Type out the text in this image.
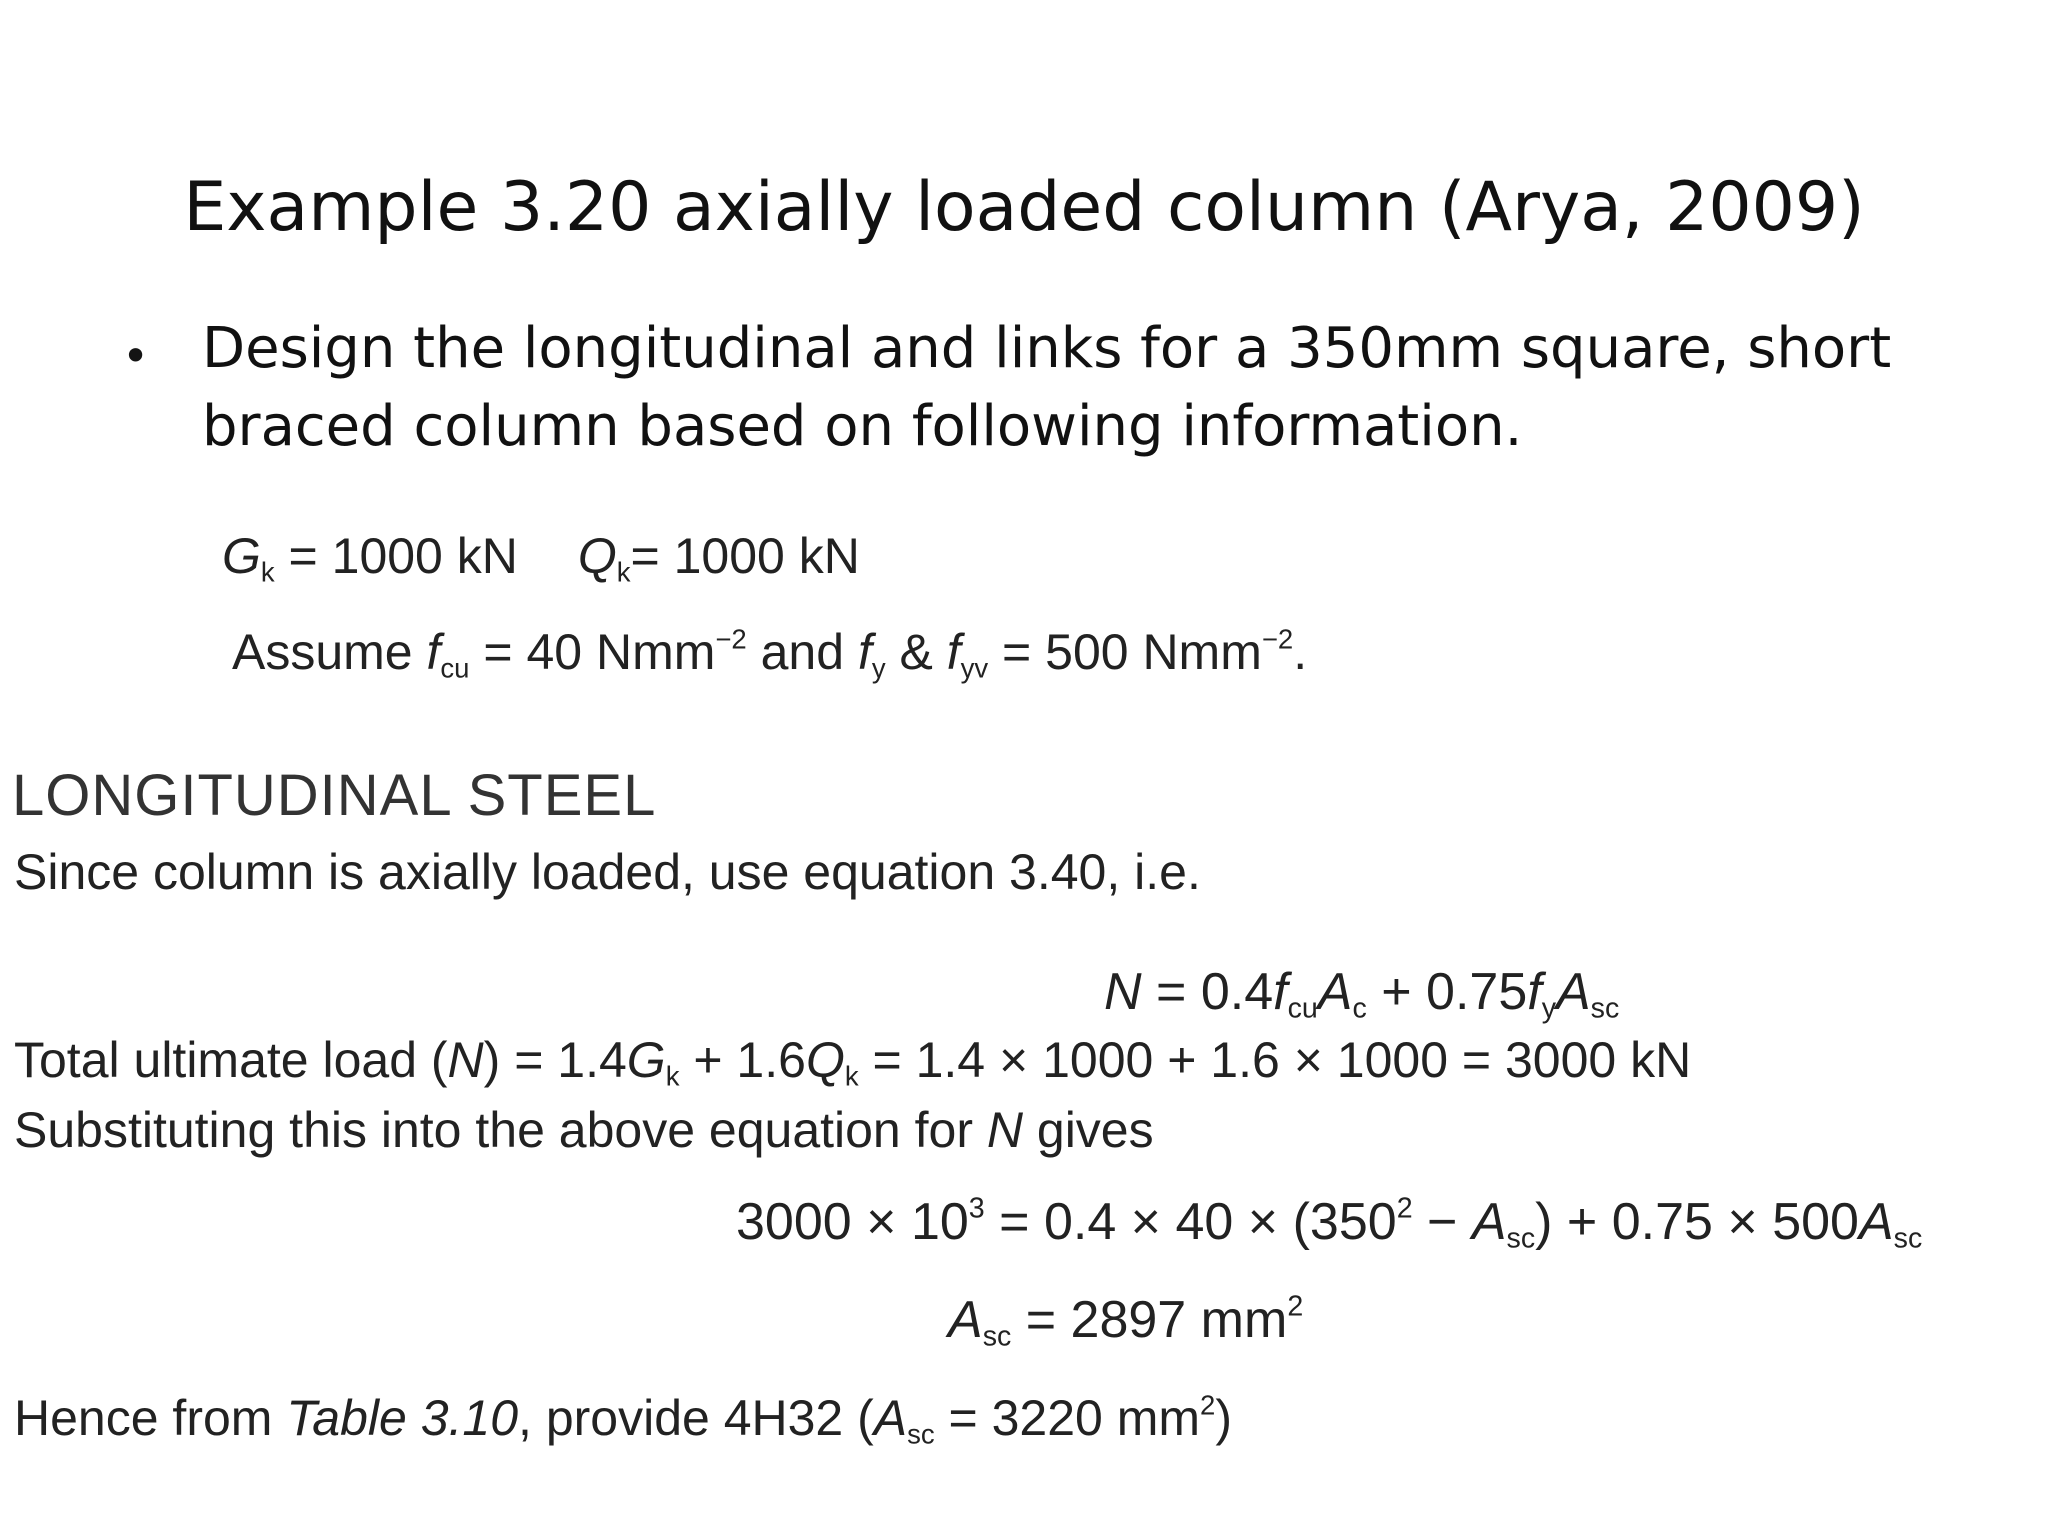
Example 3.20 axially loaded column (Arya, 2009)
• Design the longitudinal and links for a 350mm square, short braced column based on following information.
$G_k = 1000$ kN $Q_k= 1000$ kN
Assume $f_{cu} = 40$ Nmm$^{-2}$ and $f_y$ & $f_{yv} = 500$ Nmm$^{-2}$.
LONGITUDINAL STEEL
Since column is axially loaded, use equation 3.40, i.e.
$N = 0.4f_{cu}A_c + 0.75f_yA_{sc}$
Total ultimate load $(N) = 1.4G_k + 1.6Q_k = 1.4 \times 1000 + 1.6 \times 1000 = 3000$ kN
Substituting this into the above equation for N gives
$3000 \times 10^3 = 0.4 \times 40 \times (350^2 - A_{sc}) + 0.75 \times 500A_{sc}$
$A_{sc} = 2897$ $mm^2$
Hence from Table 3.10, provide 4H32 ($A_{sc} = 3220$ $mm^2$)
